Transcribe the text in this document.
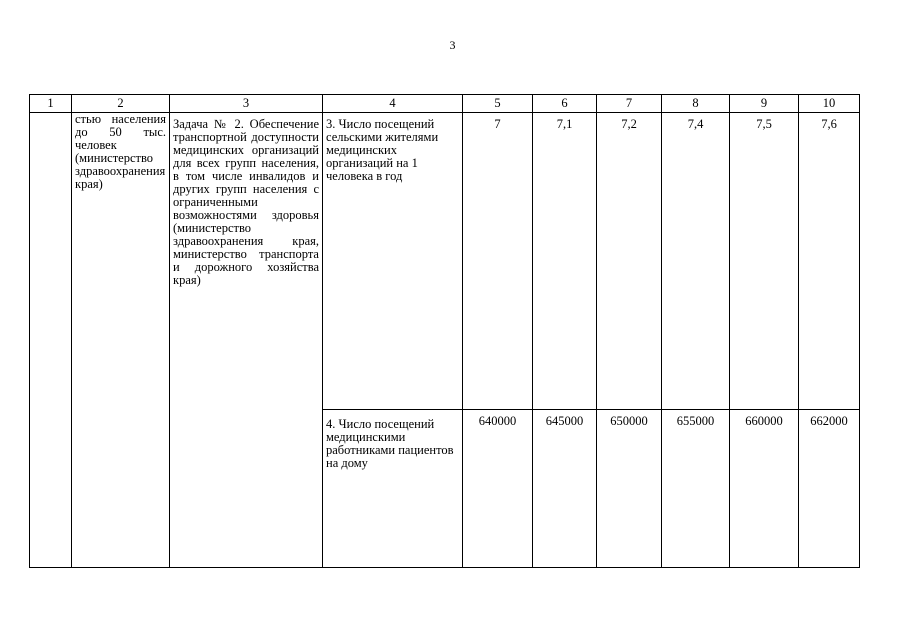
3
1	2	3	4	5	6	7	8	9	10

	стью населения до 50 тыс. человек (министерство здравоохранения края)	Задача № 2. Обеспечение транспортной доступности медицинских организаций для всех групп населения, в том числе инвалидов и других групп населения с ограниченными возможностями здоровья (министерство здравоохранения края, министерство транспорта и дорожного хозяйства края)	3. Число посещений сельскими жителями медицинских организаций на 1 человека в год	7	7,1	7,2	7,4	7,5	7,6
			4. Число посещений медицинскими работниками пациентов на дому	640000	645000	650000	655000	660000	662000
